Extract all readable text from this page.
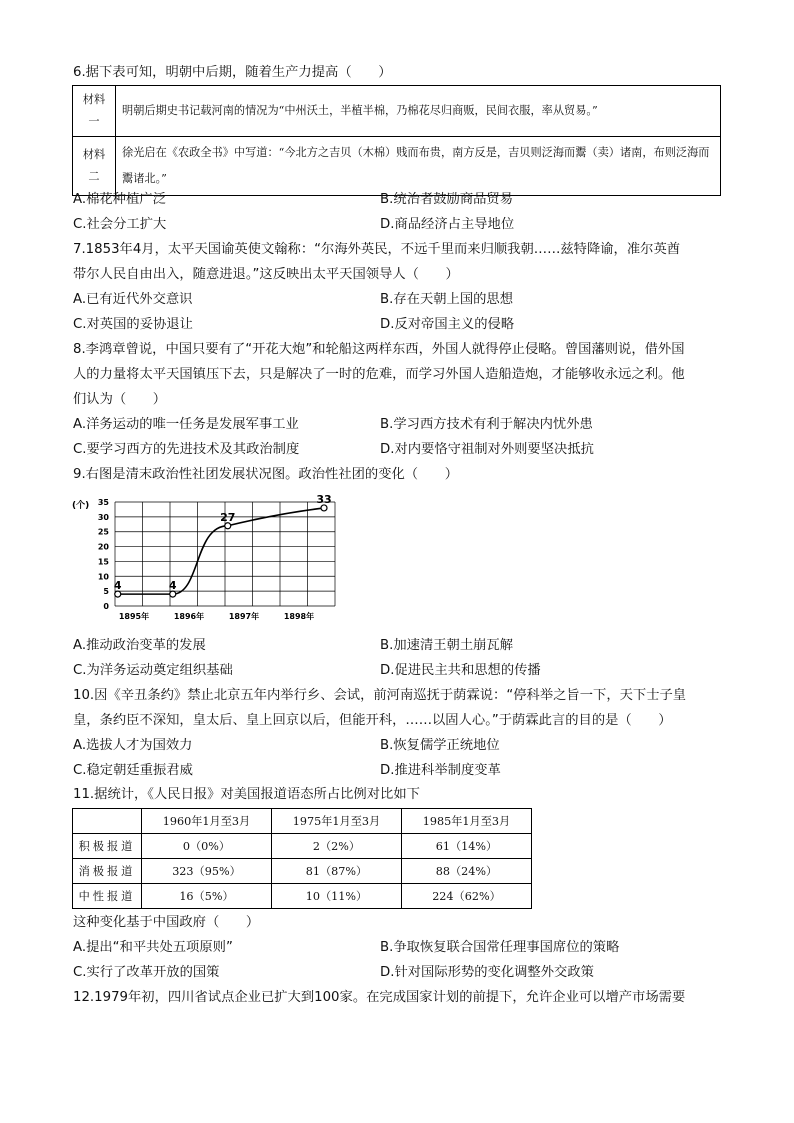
6.据下表可知，明朝中后期，随着生产力提高（　　）
材料一	明朝后期史书记载河南的情况为“中州沃土，半植半棉，乃棉花尽归商贩，民间衣服，率从贸易。”
材料二	徐光启在《农政全书》中写道：“今北方之吉贝（木棉）贱而布贵，南方反是，吉贝则泛海而鬻（卖）诸南，布则泛海而鬻诸北。”
A.棉花种植广泛	B.统治者鼓励商品贸易
C.社会分工扩大	D.商品经济占主导地位
7.1853年4月，太平天国谕英使文翰称：“尔海外英民，不远千里而来归顺我朝……兹特降谕，准尔英酋
带尔人民自由出入，随意进退。”这反映出太平天国领导人（　　）
A.已有近代外交意识	B.存在天朝上国的思想
C.对英国的妥协退让	D.反对帝国主义的侵略
8.李鸿章曾说，中国只要有了“开花大炮”和轮船这两样东西，外国人就得停止侵略。曾国藩则说，借外国
人的力量将太平天国镇压下去，只是解决了一时的危难，而学习外国人造船造炮，才能够收永远之利。他
们认为（　　）
A.洋务运动的唯一任务是发展军事工业	B.学习西方技术有利于解决内忧外患
C.要学习西方的先进技术及其政治制度	D.对内要恪守祖制对外则要坚决抵抗
9.右图是清末政治性社团发展状况图。政治性社团的变化（　　）
0
5
10
15
20
25
30
35
1895年	1896年	1897年	1898年
4	4
27
33
(个)
A.推动政治变革的发展	B.加速清王朝土崩瓦解
C.为洋务运动奠定组织基础	D.促进民主共和思想的传播
10.因《辛丑条约》禁止北京五年内举行乡、会试，前河南巡抚于荫霖说：“停科举之旨一下，天下士子皇
皇，条约臣不深知，皇太后、皇上回京以后，但能开科，……以固人心。”于荫霖此言的目的是（　　）
A.选拔人才为国效力	B.恢复儒学正统地位
C.稳定朝廷重振君威	D.推进科举制度变革
11.据统计，《人民日报》对美国报道语态所占比例对比如下
	1960年1月至3月	1975年1月至3月	1985年1月至3月
积极报道	0（0%）	2（2%）	61（14%）
消极报道	323（95%）	81（87%）	88（24%）
中性报道	16（5%）	10（11%）	224（62%）
这种变化基于中国政府（　　）
A.提出“和平共处五项原则”	B.争取恢复联合国常任理事国席位的策略
C.实行了改革开放的国策	D.针对国际形势的变化调整外交政策
12.1979年初，四川省试点企业已扩大到100家。在完成国家计划的前提下，允许企业可以增产市场需要
